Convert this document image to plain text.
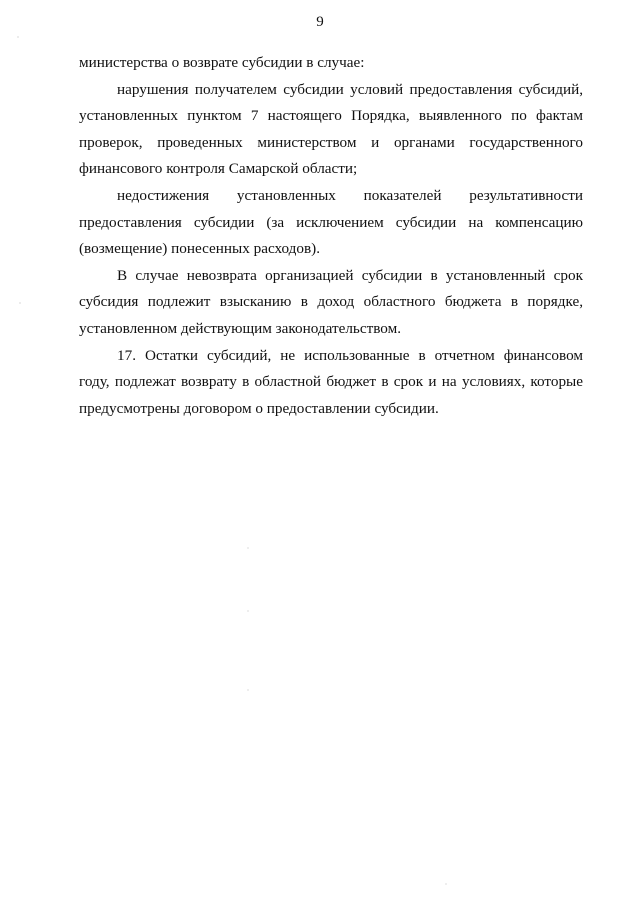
9
министерства о возврате субсидии в случае:
нарушения получателем субсидии условий предоставления субсидий,
установленных пунктом 7 настоящего Порядка, выявленного по фактам
проверок, проведенных министерством и органами государственного
финансового контроля Самарской области;
недостижения установленных показателей результативности
предоставления субсидии (за исключением субсидии на компенсацию
(возмещение) понесенных расходов).
В случае невозврата организацией субсидии в установленный срок
субсидия подлежит взысканию в доход областного бюджета в порядке,
установленном действующим законодательством.
17. Остатки субсидий, не использованные в отчетном финансовом
году, подлежат возврату в областной бюджет в срок и на условиях, которые
предусмотрены договором о предоставлении субсидии.
